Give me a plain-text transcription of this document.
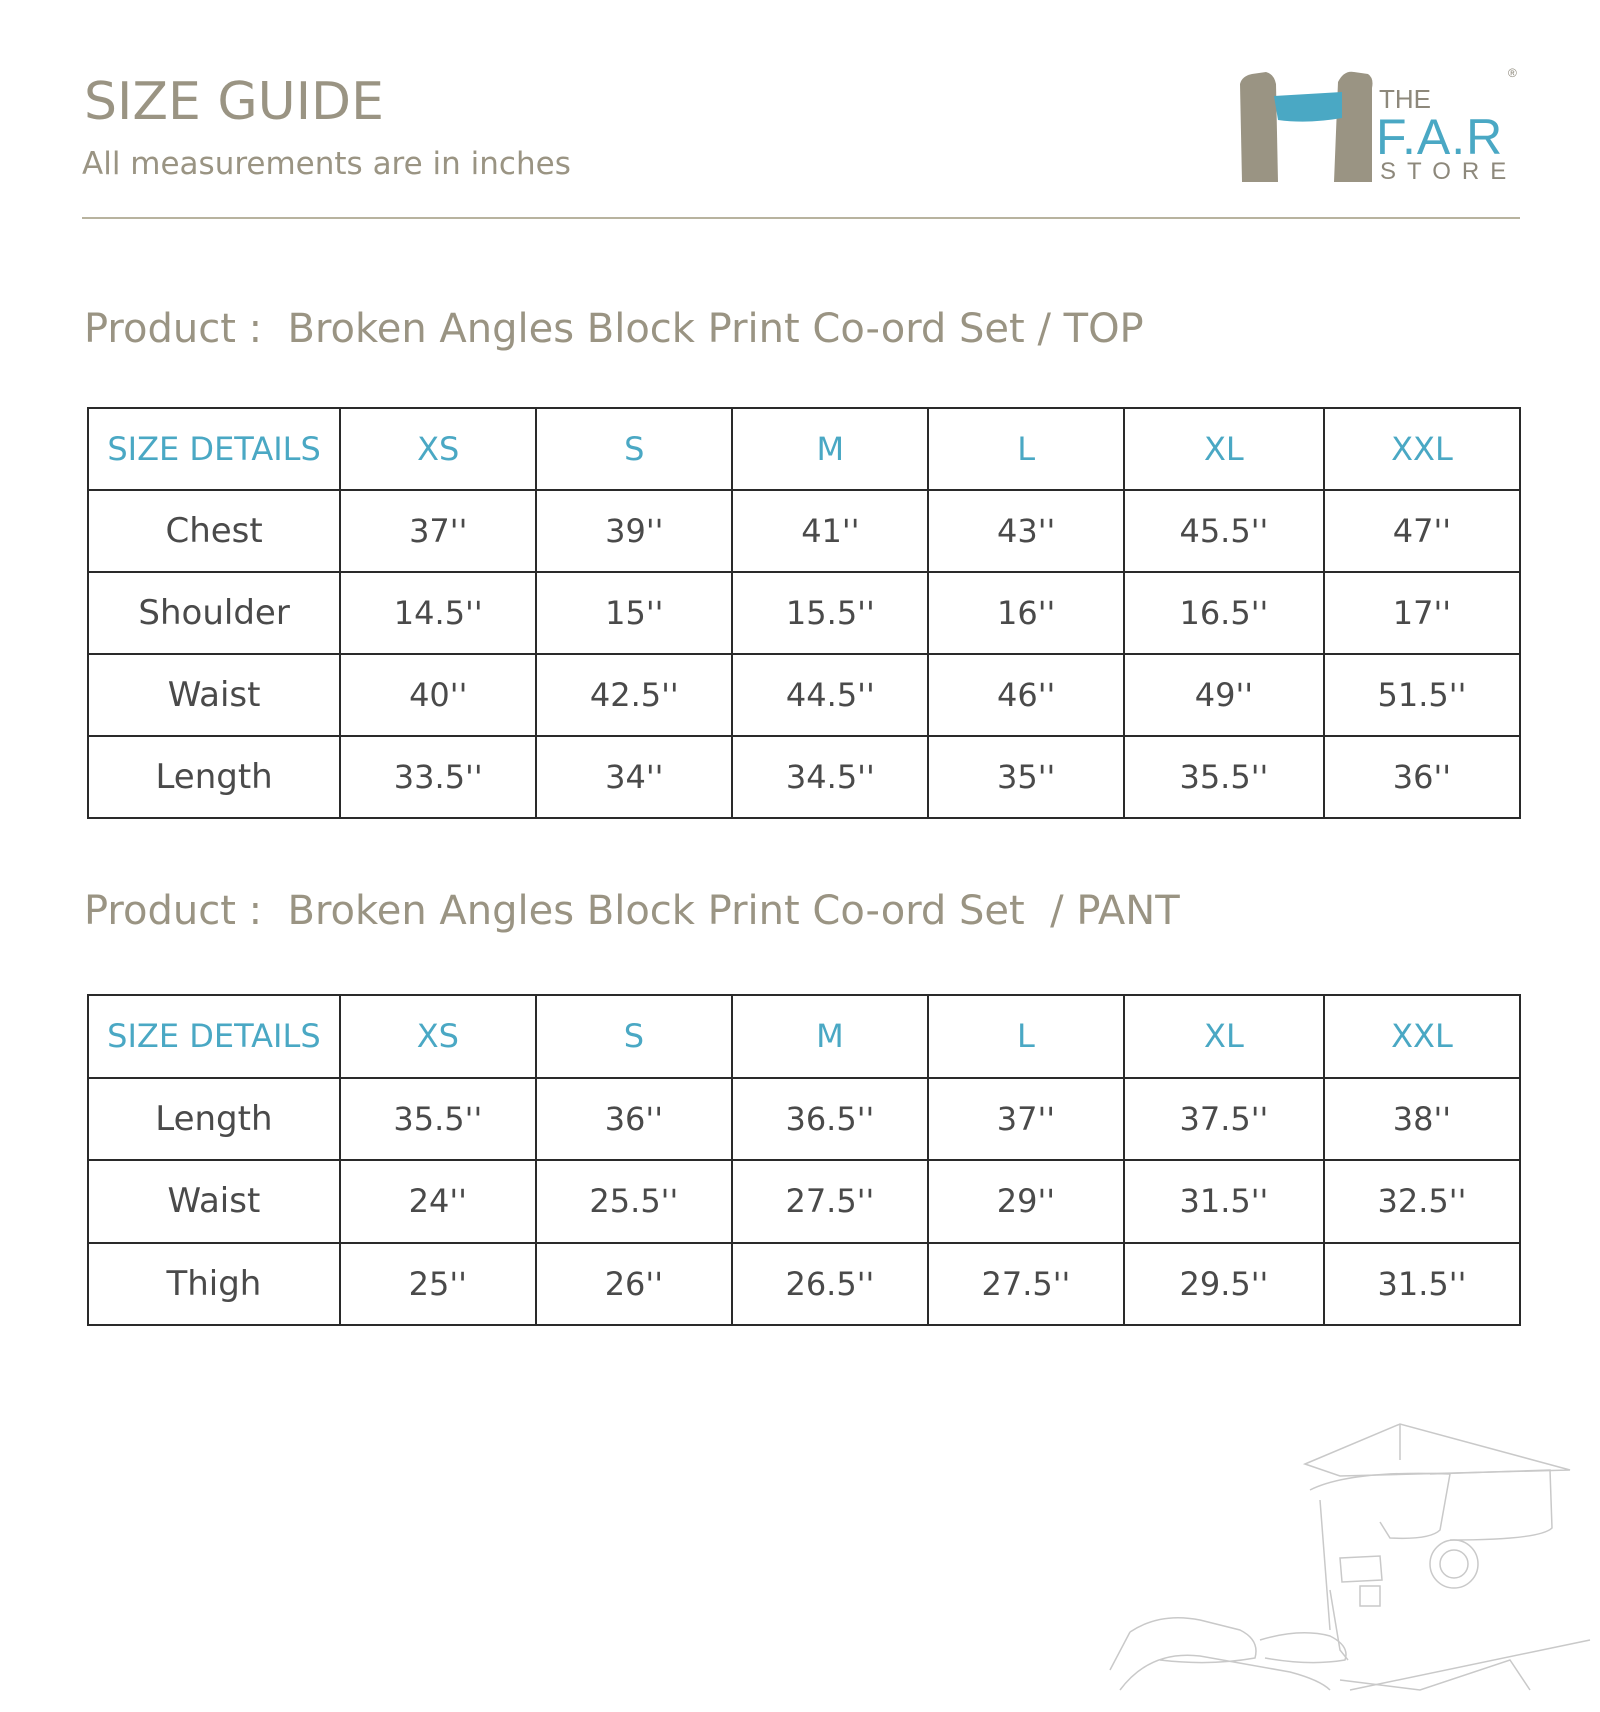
SIZE GUIDE
All measurements are in inches
THE
F.A.R
STORE
®
Product :  Broken Angles Block Print Co-ord Set / TOP
SIZE DETAILS	XS	S	M	L	XL	XXL
Chest	37''	39''	41''	43''	45.5''	47''
Shoulder	14.5''	15''	15.5''	16''	16.5''	17''
Waist	40''	42.5''	44.5''	46''	49''	51.5''
Length	33.5''	34''	34.5''	35''	35.5''	36''
Product :  Broken Angles Block Print Co-ord Set  / PANT
SIZE DETAILS	XS	S	M	L	XL	XXL
Length	35.5''	36''	36.5''	37''	37.5''	38''
Waist	24''	25.5''	27.5''	29''	31.5''	32.5''
Thigh	25''	26''	26.5''	27.5''	29.5''	31.5''
